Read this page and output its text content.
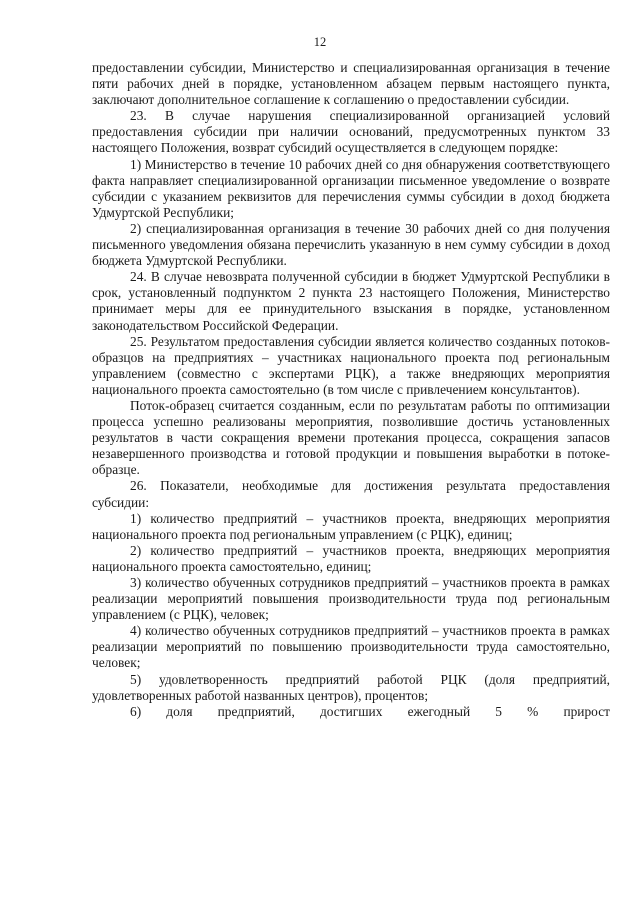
12

предоставлении субсидии, Министерство и специализированная организация в течение пяти рабочих дней в порядке, установленном абзацем первым настоящего пункта, заключают дополнительное соглашение к соглашению о предоставлении субсидии.

23. В случае нарушения специализированной организацией условий предоставления субсидии при наличии оснований, предусмотренных пунктом 33 настоящего Положения, возврат субсидий осуществляется в следующем порядке:

1) Министерство в течение 10 рабочих дней со дня обнаружения соответствующего факта направляет специализированной организации письменное уведомление о возврате субсидии с указанием реквизитов для перечисления суммы субсидии в доход бюджета Удмуртской Республики;

2) специализированная организация в течение 30 рабочих дней со дня получения письменного уведомления обязана перечислить указанную в нем сумму субсидии в доход бюджета Удмуртской Республики.

24. В случае невозврата полученной субсидии в бюджет Удмуртской Республики в срок, установленный подпунктом 2 пункта 23 настоящего Положения, Министерство принимает меры для ее принудительного взыскания в порядке, установленном законодательством Российской Федерации.

25. Результатом предоставления субсидии является количество созданных потоков-образцов на предприятиях – участниках национального проекта под региональным управлением (совместно с экспертами РЦК), а также внедряющих мероприятия национального проекта самостоятельно (в том числе с привлечением консультантов).

Поток-образец считается созданным, если по результатам работы по оптимизации процесса успешно реализованы мероприятия, позволившие достичь установленных результатов в части сокращения времени протекания процесса, сокращения запасов незавершенного производства и готовой продукции и повышения выработки в потоке-образце.

26. Показатели, необходимые для достижения результата предоставления субсидии:

1) количество предприятий – участников проекта, внедряющих мероприятия национального проекта под региональным управлением (с РЦК), единиц;

2) количество предприятий – участников проекта, внедряющих мероприятия национального проекта самостоятельно, единиц;

3) количество обученных сотрудников предприятий – участников проекта в рамках реализации мероприятий повышения производительности труда под региональным управлением (с РЦК), человек;

4) количество обученных сотрудников предприятий – участников проекта в рамках реализации мероприятий по повышению производительности труда самостоятельно, человек;

5) удовлетворенность предприятий работой РЦК (доля предприятий, удовлетворенных работой названных центров), процентов;

6) доля предприятий, достигших ежегодный 5 % прирост
